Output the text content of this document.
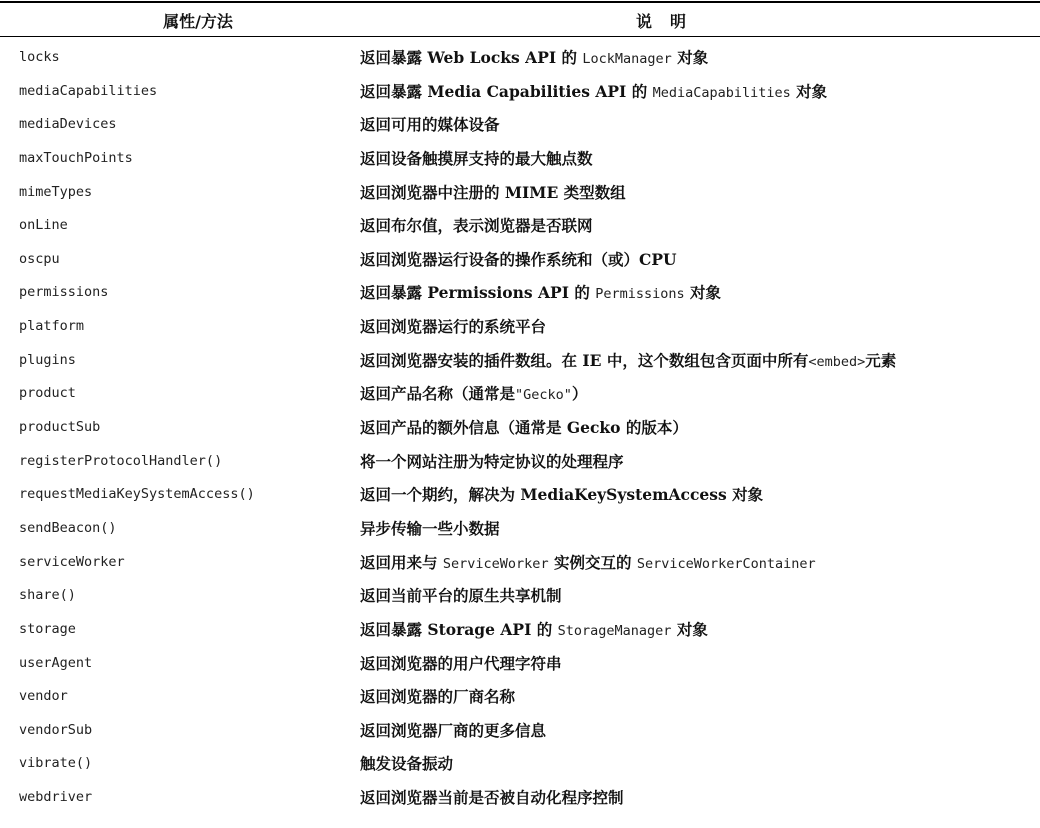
属性/方法	说明
locks	返回暴露 Web Locks API 的 LockManager 对象
mediaCapabilities	返回暴露 Media Capabilities API 的 MediaCapabilities 对象
mediaDevices	返回可用的媒体设备
maxTouchPoints	返回设备触摸屏支持的最大触点数
mimeTypes	返回浏览器中注册的 MIME 类型数组
onLine	返回布尔值，表示浏览器是否联网
oscpu	返回浏览器运行设备的操作系统和（或）CPU
permissions	返回暴露 Permissions API 的 Permissions 对象
platform	返回浏览器运行的系统平台
plugins	返回浏览器安装的插件数组。在 IE 中，这个数组包含页面中所有<embed>元素
product	返回产品名称（通常是"Gecko"）
productSub	返回产品的额外信息（通常是 Gecko 的版本）
registerProtocolHandler()	将一个网站注册为特定协议的处理程序
requestMediaKeySystemAccess()	返回一个期约，解决为 MediaKeySystemAccess 对象
sendBeacon()	异步传输一些小数据
serviceWorker	返回用来与 ServiceWorker 实例交互的 ServiceWorkerContainer
share()	返回当前平台的原生共享机制
storage	返回暴露 Storage API 的 StorageManager 对象
userAgent	返回浏览器的用户代理字符串
vendor	返回浏览器的厂商名称
vendorSub	返回浏览器厂商的更多信息
vibrate()	触发设备振动
webdriver	返回浏览器当前是否被自动化程序控制
